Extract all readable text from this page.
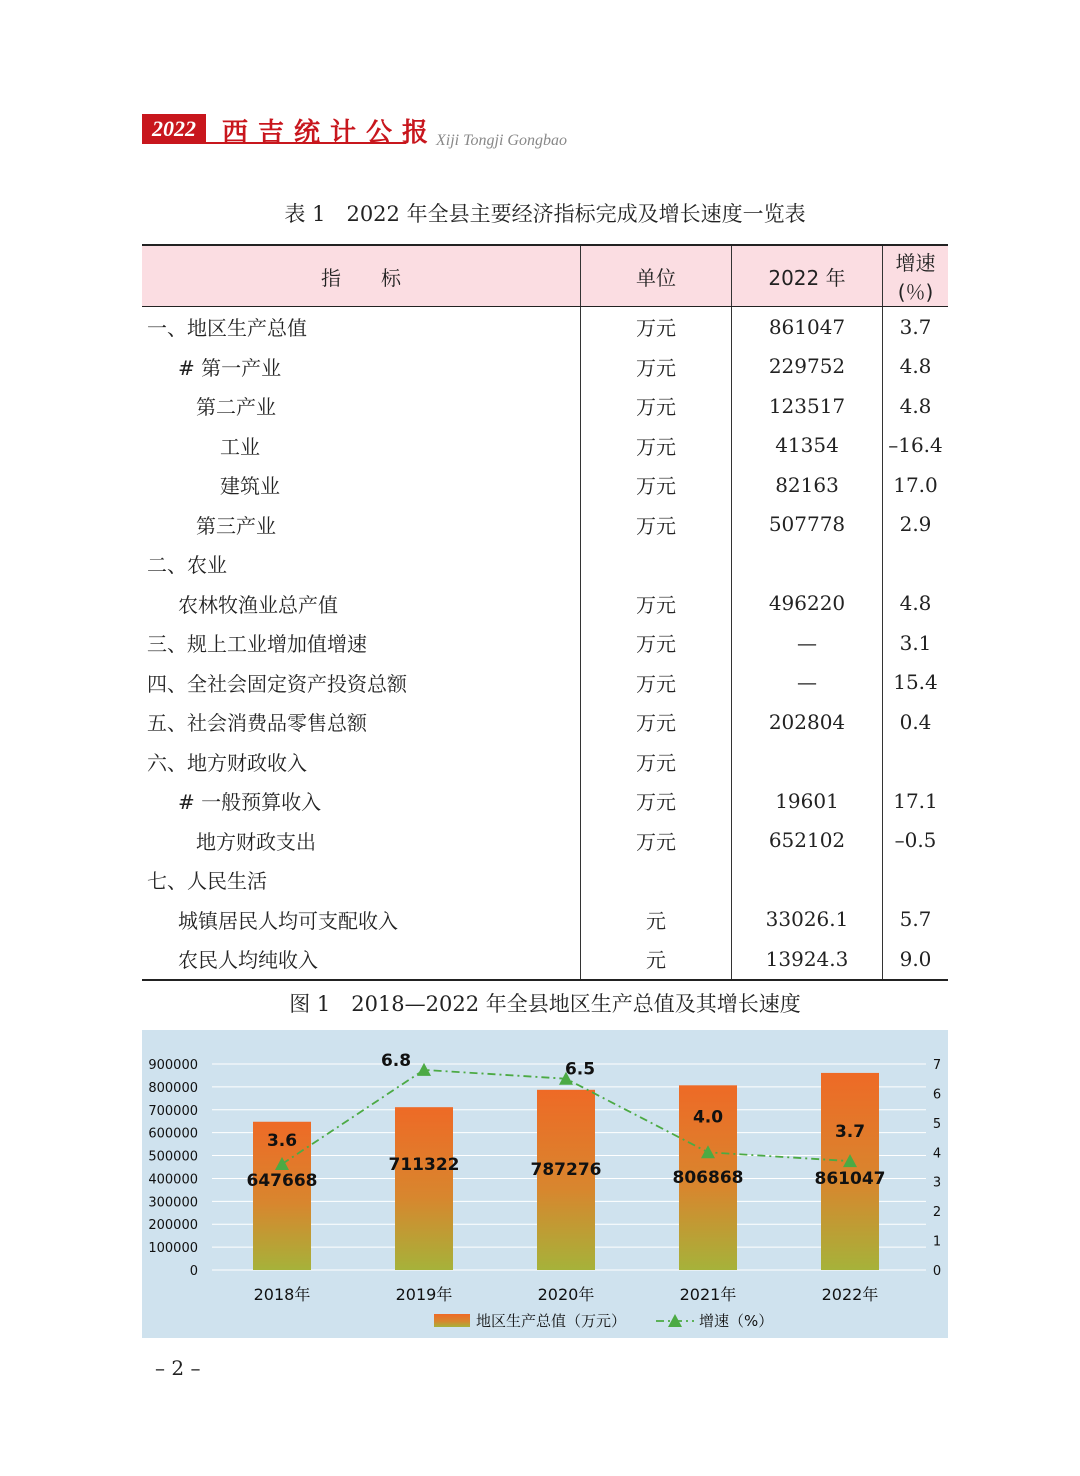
2022	西吉统计公报
Xiji Tongji Gongbao
表 1　2022 年全县主要经济指标完成及增长速度一览表
指　　标	单位	2022 年	增速(％)
一、地区生产总值	万元	861047	3.7
# 第一产业	万元	229752	4.8
第二产业	万元	123517	4.8
工业	万元	41354	–16.4
建筑业	万元	82163	17.0
第三产业	万元	507778	2.9
二、农业			
农林牧渔业总产值	万元	496220	4.8
三、规上工业增加值增速	万元	—	3.1
四、全社会固定资产投资总额	万元	—	15.4
五、社会消费品零售总额	万元	202804	0.4
六、地方财政收入	万元		
# 一般预算收入	万元	19601	17.1
地方财政支出	万元	652102	–0.5
七、人民生活			
城镇居民人均可支配收入	元	33026.1	5.7
农民人均纯收入	元	13924.3	9.0
图 1　2018—2022 年全县地区生产总值及其增长速度
0
100000
200000
300000
400000
500000
600000
700000
800000
900000
0
1
2
3
4
5
6
7
2018年	2019年	2020年	2021年	2022年
3.6
6.8	6.5
4.0
3.7
647668
711322	787276	806868	861047
地区生产总值（万元）	增速（%）
– 2 –
